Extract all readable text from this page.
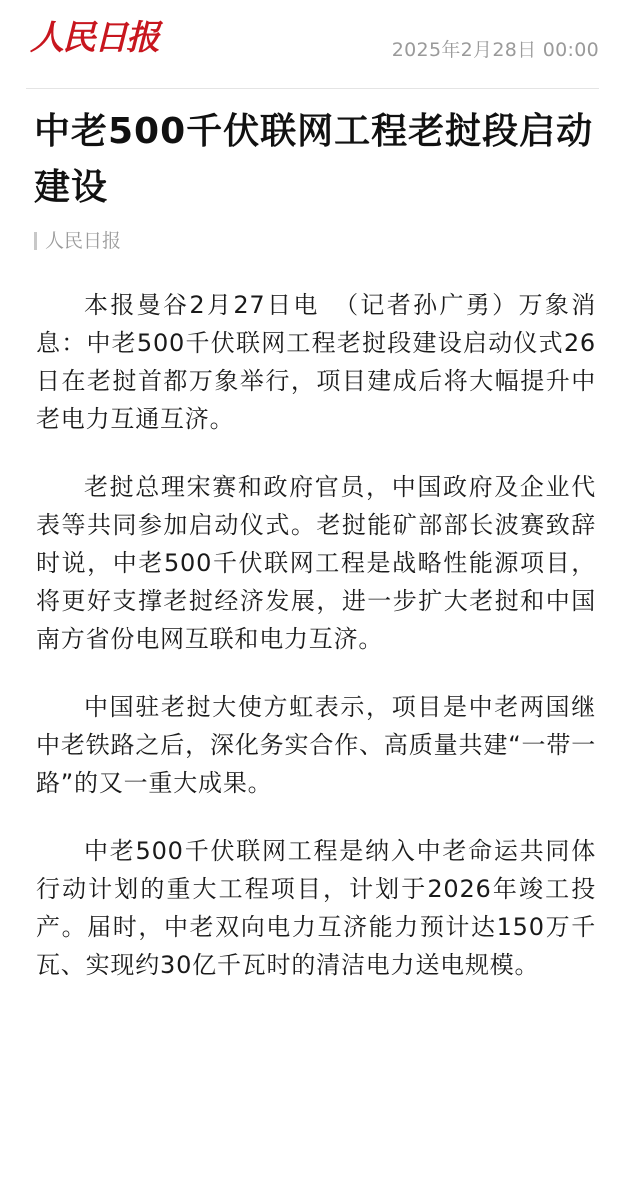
人民日报	2025年2月28日 00:00
中老500千伏联网工程老挝段启动建设
人民日报

本报曼谷2月27日电　（记者孙广勇）万象消息：中老500千伏联网工程老挝段建设启动仪式26日在老挝首都万象举行，项目建成后将大幅提升中老电力互通互济。

老挝总理宋赛和政府官员，中国政府及企业代表等共同参加启动仪式。老挝能矿部部长波赛致辞时说，中老500千伏联网工程是战略性能源项目，将更好支撑老挝经济发展，进一步扩大老挝和中国南方省份电网互联和电力互济。

中国驻老挝大使方虹表示，项目是中老两国继中老铁路之后，深化务实合作、高质量共建“一带一路”的又一重大成果。

中老500千伏联网工程是纳入中老命运共同体行动计划的重大工程项目，计划于2026年竣工投产。届时，中老双向电力互济能力预计达150万千瓦、实现约30亿千瓦时的清洁电力送电规模。
